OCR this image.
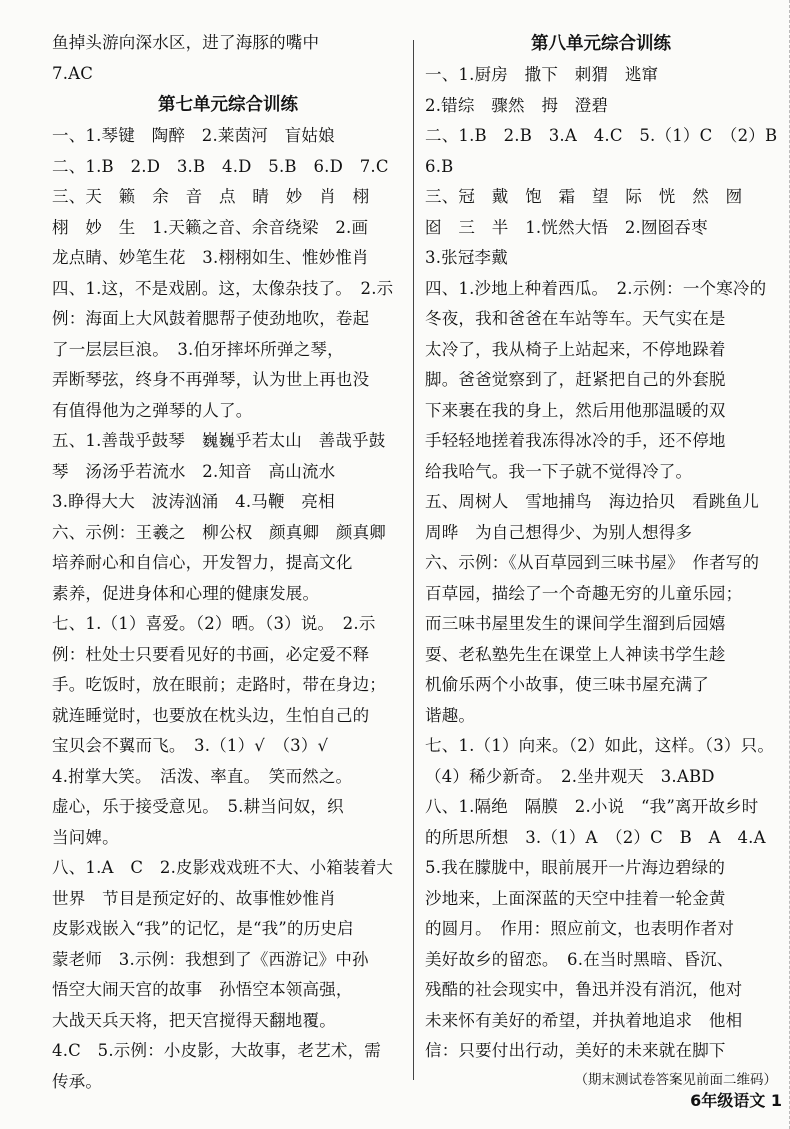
鱼掉头游向深水区，进了海豚的嘴中
7.AC
第七单元综合训练
一、1.琴键　陶醉　2.莱茵河　盲姑娘
二、1.B　2.D　3.B　4.D　5.B　6.D　7.C
三、天　籁　余　音　点　睛　妙　肖　栩
栩　妙　生　1.天籁之音、余音绕梁　2.画
龙点睛、妙笔生花　3.栩栩如生、惟妙惟肖
四、1.这，不是戏剧。这，太像杂技了。　2.示
例：海面上大风鼓着腮帮子使劲地吹，卷起
了一层层巨浪。　3.伯牙摔坏所弹之琴，
弄断琴弦，终身不再弹琴，认为世上再也没
有值得他为之弹琴的人了。
五、1.善哉乎鼓琴　巍巍乎若太山　善哉乎鼓
琴　汤汤乎若流水　2.知音　高山流水
3.睁得大大　波涛汹涌　4.马鞭　亮相
六、示例：王羲之　柳公权　颜真卿　颜真卿
培养耐心和自信心，开发智力，提高文化
素养，促进身体和心理的健康发展。
七、1.（1）喜爱。（2）晒。（3）说。　2.示
例：杜处士只要看见好的书画，必定爱不释
手。吃饭时，放在眼前；走路时，带在身边；
就连睡觉时，也要放在枕头边，生怕自己的
宝贝会不翼而飞。　3.（1）√　（3）√
4.拊掌大笑。　活泼、率直。　笑而然之。
虚心，乐于接受意见。　5.耕当问奴，织
当问婢。
八、1.A　C　2.皮影戏戏班不大、小箱装着大
世界　节目是预定好的、故事惟妙惟肖
皮影戏嵌入“我”的记忆，是“我”的历史启
蒙老师　3.示例：我想到了《西游记》中孙
悟空大闹天宫的故事　孙悟空本领高强，
大战天兵天将，把天宫搅得天翻地覆。
4.C　5.示例：小皮影，大故事，老艺术，需
传承。
第八单元综合训练
一、1.厨房　撒下　刺猬　逃窜
2.错综　骤然　拇　澄碧
二、1.B　2.B　3.A　4.C　5.（1）C　（2）B
6.B
三、冠　戴　饱　霜　望　际　恍　然　囫
囵　三　半　1.恍然大悟　2.囫囵吞枣
3.张冠李戴
四、1.沙地上种着西瓜。　2.示例：一个寒冷的
冬夜，我和爸爸在车站等车。天气实在是
太冷了，我从椅子上站起来，不停地跺着
脚。爸爸觉察到了，赶紧把自己的外套脱
下来裹在我的身上，然后用他那温暖的双
手轻轻地搓着我冻得冰冷的手，还不停地
给我哈气。我一下子就不觉得冷了。
五、周树人　雪地捕鸟　海边拾贝　看跳鱼儿
周晔　为自己想得少、为别人想得多
六、示例：《从百草园到三味书屋》　作者写的
百草园，描绘了一个奇趣无穷的儿童乐园；
而三味书屋里发生的课间学生溜到后园嬉
耍、老私塾先生在课堂上人神读书学生趁
机偷乐两个小故事，使三味书屋充满了
谐趣。
七、1.（1）向来。（2）如此，这样。（3）只。
（4）稀少新奇。　2.坐井观天　3.ABD
八、1.隔绝　隔膜　2.小说　“我”离开故乡时
的所思所想　3.（1）A　（2）C　B　A　4.A
5.我在朦胧中，眼前展开一片海边碧绿的
沙地来，上面深蓝的天空中挂着一轮金黄
的圆月。　作用：照应前文，也表明作者对
美好故乡的留恋。　6.在当时黑暗、昏沉、
残酷的社会现实中，鲁迅并没有消沉，他对
未来怀有美好的希望，并执着地追求　他相
信：只要付出行动，美好的未来就在脚下
（期末测试卷答案见前面二维码）
6年级语文 1
